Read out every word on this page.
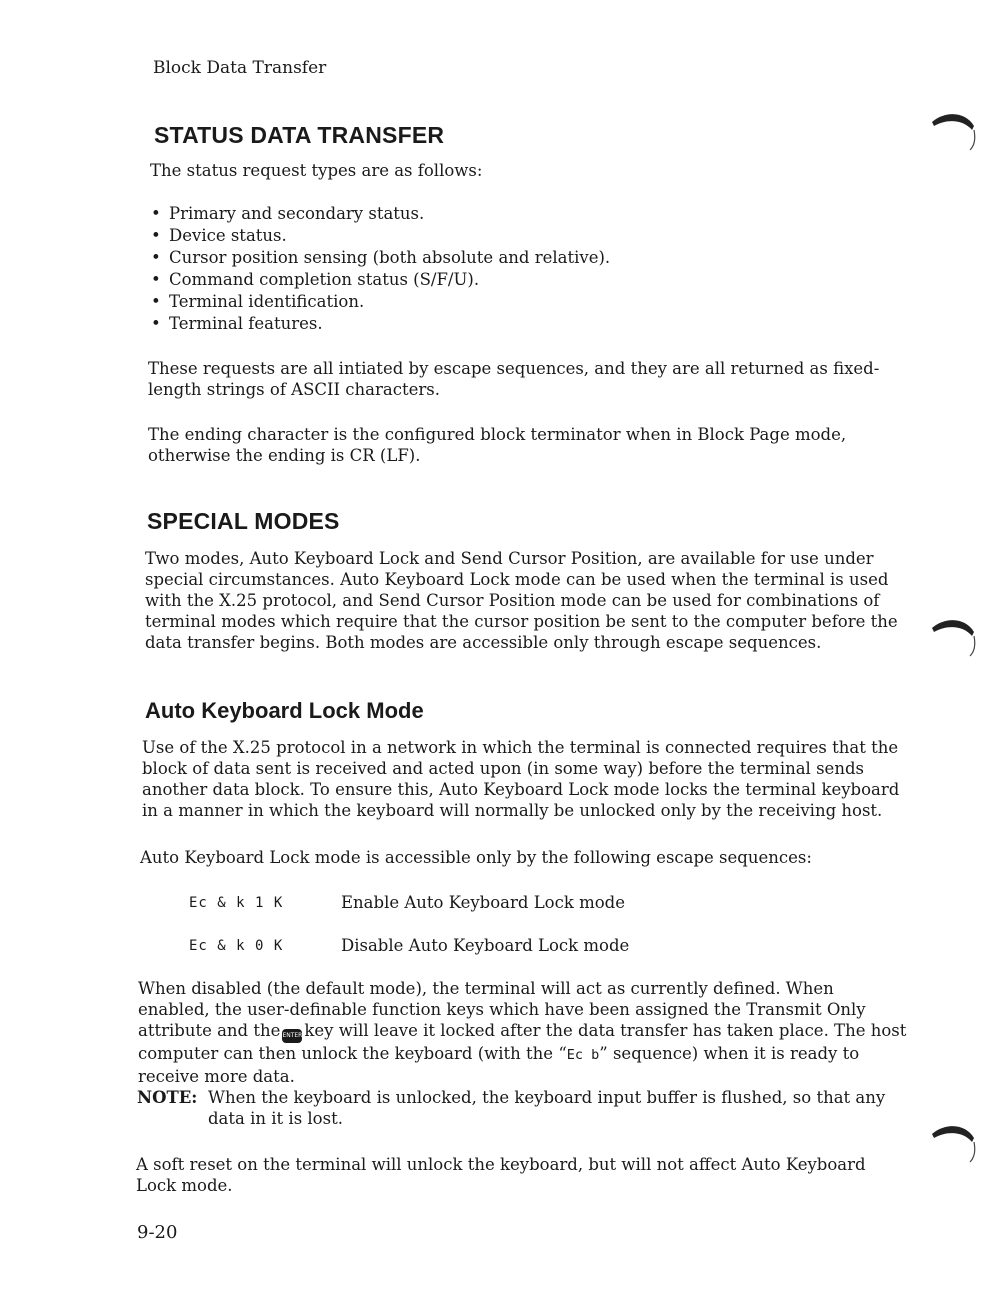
Block Data Transfer
STATUS DATA TRANSFER
The status request types are as follows:
• Primary and secondary status.
• Device status.
• Cursor position sensing (both absolute and relative).
• Command completion status (S/F/U).
• Terminal identification.
• Terminal features.
These requests are all intiated by escape sequences, and they are all returned as fixed-length strings of ASCII characters.
The ending character is the configured block terminator when in Block Page mode, otherwise the ending is CR (LF).
SPECIAL MODES
Two modes, Auto Keyboard Lock and Send Cursor Position, are available for use under special circumstances. Auto Keyboard Lock mode can be used when the terminal is used with the X.25 protocol, and Send Cursor Position mode can be used for combinations of terminal modes which require that the cursor position be sent to the computer before the data transfer begins. Both modes are accessible only through escape sequences.
Auto Keyboard Lock Mode
Use of the X.25 protocol in a network in which the terminal is connected requires that the block of data sent is received and acted upon (in some way) before the terminal sends another data block. To ensure this, Auto Keyboard Lock mode locks the terminal keyboard in a manner in which the keyboard will normally be unlocked only by the receiving host.
Auto Keyboard Lock mode is accessible only by the following escape sequences:
Ec & k 1 K	Enable Auto Keyboard Lock mode
Ec & k 0 K	Disable Auto Keyboard Lock mode
When disabled (the default mode), the terminal will act as currently defined. When enabled, the user-definable function keys which have been assigned the Transmit Only attribute and the ENTER key will leave it locked after the data transfer has taken place. The host computer can then unlock the keyboard (with the “Ec b” sequence) when it is ready to receive more data.
NOTE: When the keyboard is unlocked, the keyboard input buffer is flushed, so that any data in it is lost.
A soft reset on the terminal will unlock the keyboard, but will not affect Auto Keyboard Lock mode.
9-20
